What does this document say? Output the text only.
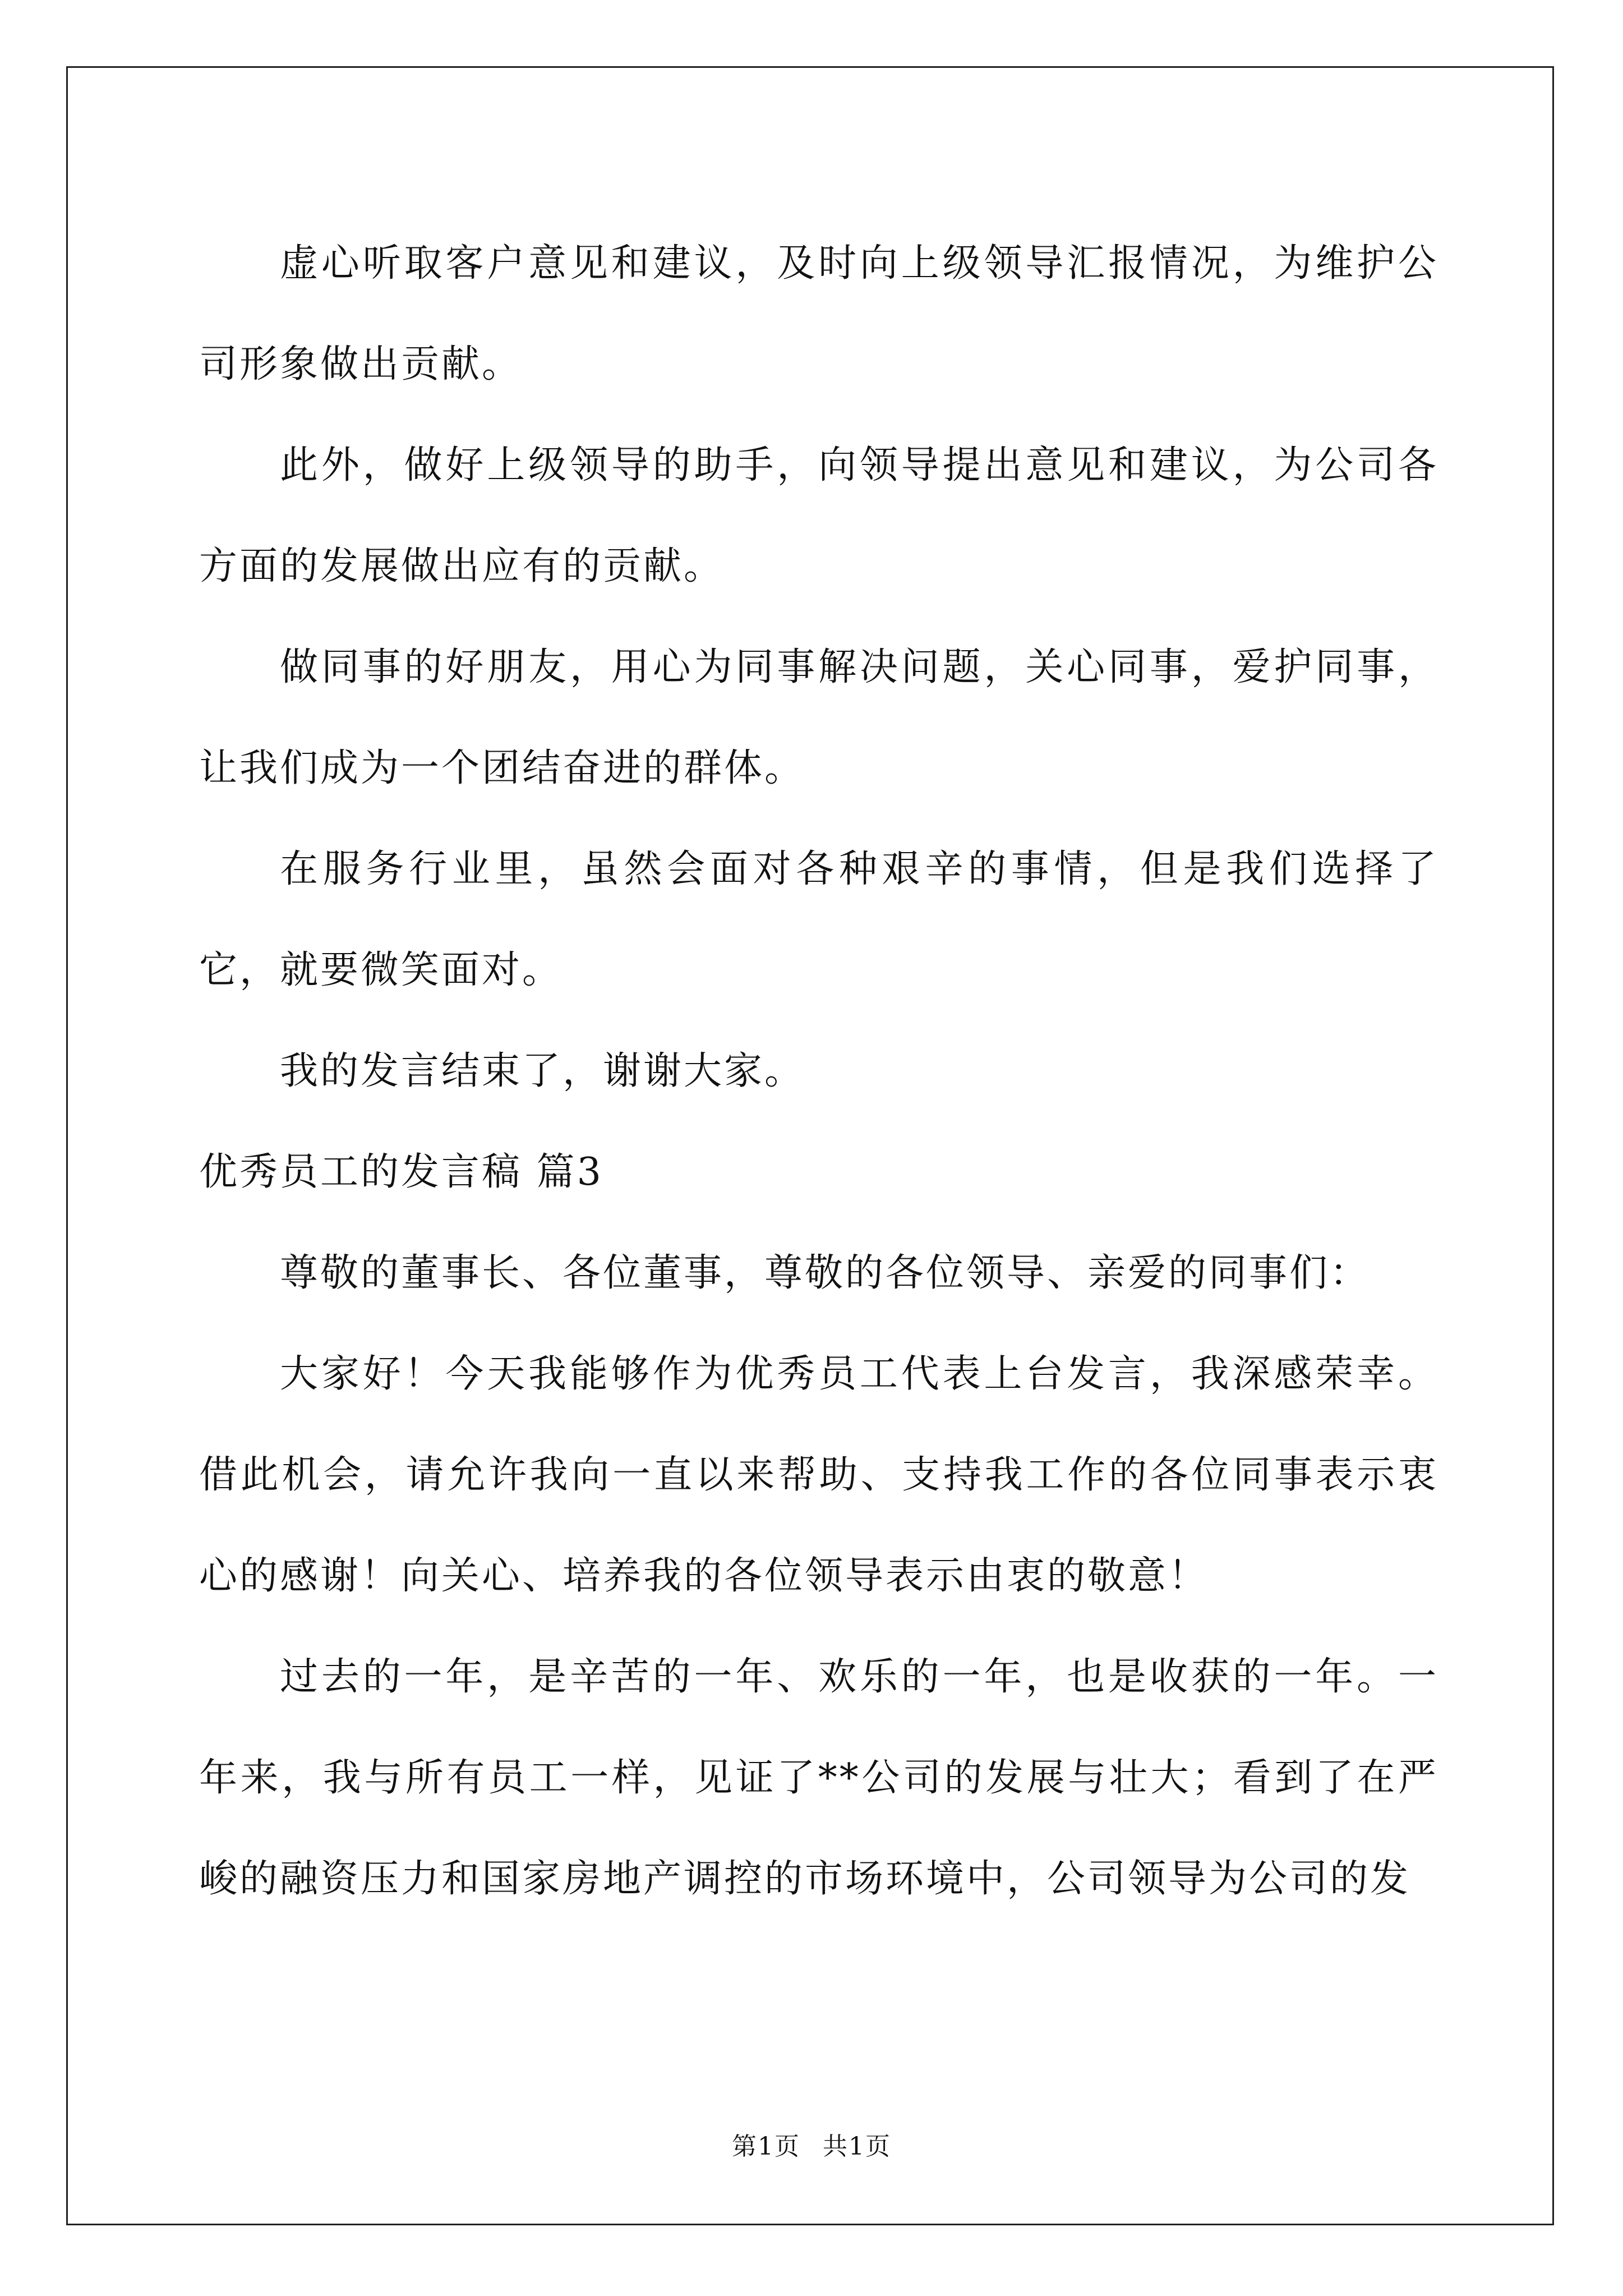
虚心听取客户意见和建议，及时向上级领导汇报情况，为维护公司形象做出贡献。

此外，做好上级领导的助手，向领导提出意见和建议，为公司各方面的发展做出应有的贡献。

做同事的好朋友，用心为同事解决问题，关心同事，爱护同事，让我们成为一个团结奋进的群体。

在服务行业里，虽然会面对各种艰辛的事情，但是我们选择了它，就要微笑面对。

我的发言结束了，谢谢大家。

优秀员工的发言稿 篇3

尊敬的董事长、各位董事，尊敬的各位领导、亲爱的同事们：

大家好！今天我能够作为优秀员工代表上台发言，我深感荣幸。借此机会，请允许我向一直以来帮助、支持我工作的各位同事表示衷心的感谢！向关心、培养我的各位领导表示由衷的敬意！

过去的一年，是辛苦的一年、欢乐的一年，也是收获的一年。一年来，我与所有员工一样，见证了**公司的发展与壮大；看到了在严峻的融资压力和国家房地产调控的市场环境中，公司领导为公司的发

第1页 共1页
